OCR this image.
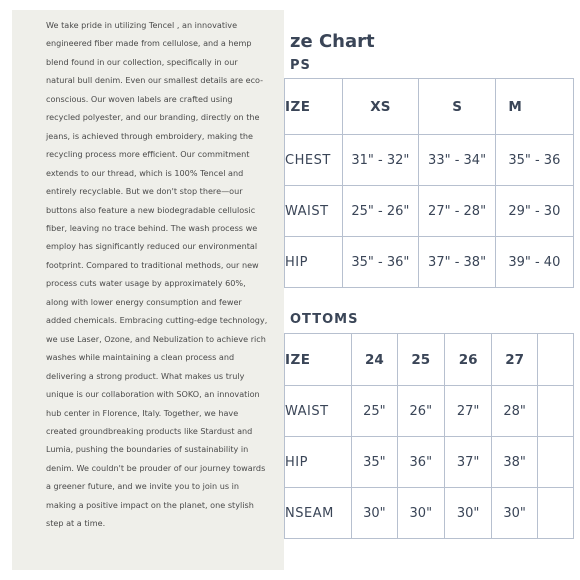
We take pride in utilizing Tencel , an innovative engineered fiber made from cellulose, and a hemp blend found in our collection, specifically in our natural bull denim. Even our smallest details are eco-conscious. Our woven labels are crafted using recycled polyester, and our branding, directly on the jeans, is achieved through embroidery, making the recycling process more efficient. Our commitment extends to our thread, which is 100% Tencel and entirely recyclable. But we don't stop there—our buttons also feature a new biodegradable cellulosic fiber, leaving no trace behind. The wash process we employ has significantly reduced our environmental footprint. Compared to traditional methods, our new process cuts water usage by approximately 60%, along with lower energy consumption and fewer added chemicals. Embracing cutting-edge technology, we use Laser, Ozone, and Nebulization to achieve rich washes while maintaining a clean process and delivering a strong product. What makes us truly unique is our collaboration with SOKO, an innovation hub center in Florence, Italy. Together, we have created groundbreaking products like Stardust and Lumia, pushing the boundaries of sustainability in denim. We couldn't be prouder of our journey towards a greener future, and we invite you to join us in making a positive impact on the planet, one stylish step at a time.

ze Chart
PS
IZE	XS	S	M
CHEST	31" - 32"	33" - 34"	35" - 36
WAIST	25" - 26"	27" - 28"	29" - 30
HIP	35" - 36"	37" - 38"	39" - 40
OTTOMS
IZE	24	25	26	27	
WAIST	25"	26"	27"	28"	
HIP	35"	36"	37"	38"	
NSEAM	30"	30"	30"	30"	
